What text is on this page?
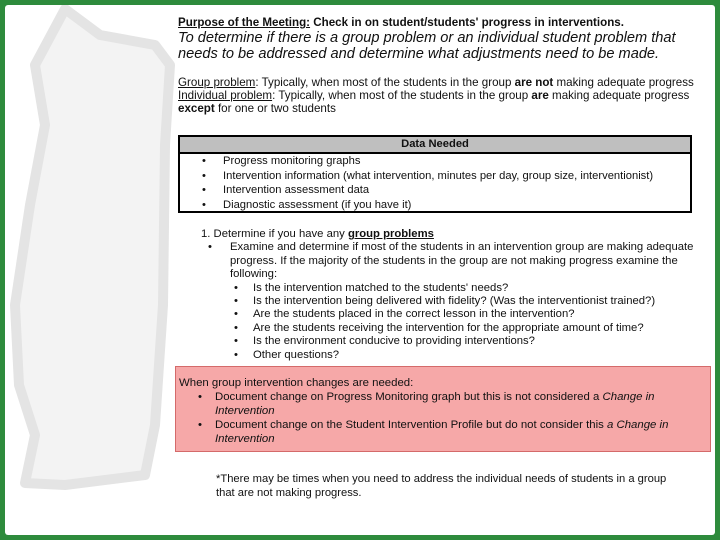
Purpose of the Meeting: Check in on student/students' progress in interventions.
To determine if there is a group problem or an individual student problem that needs to be addressed and determine what adjustments need to be made.
Group problem: Typically, when most of the students in the group are not making adequate progress
Individual problem: Typically, when most of the students in the group are making adequate progress
except for one or two students
Data Needed
• Progress monitoring graphs
• Intervention information (what intervention, minutes per day, group size, interventionist)
• Intervention assessment data
• Diagnostic assessment (if you have it)
1. Determine if you have any group problems
• Examine and determine if most of the students in an intervention group are making adequate progress. If the majority of the students in the group are not making progress examine the following:
• Is the intervention matched to the students' needs?
• Is the intervention being delivered with fidelity? (Was the interventionist trained?)
• Are the students placed in the correct lesson in the intervention?
• Are the students receiving the intervention for the appropriate amount of time?
• Is the environment conducive to providing interventions?
• Other questions?
When group intervention changes are needed:
• Document change on Progress Monitoring graph but this is not considered a Change in Intervention
• Document change on the Student Intervention Profile but do not consider this a Change in Intervention
*There may be times when you need to address the individual needs of students in a group that are not making progress.
